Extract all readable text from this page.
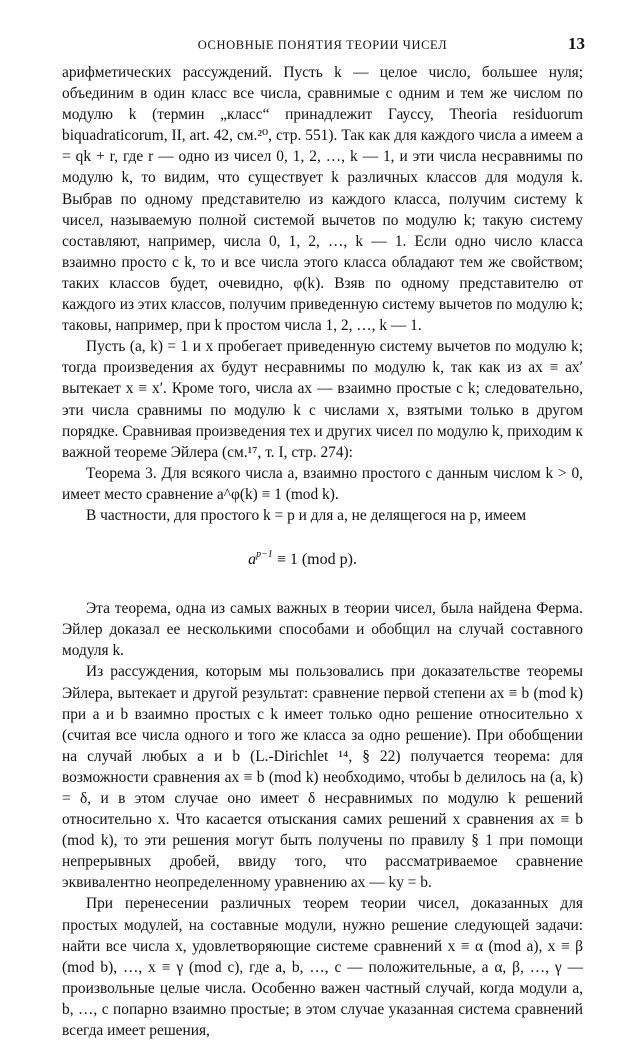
ОСНОВНЫЕ ПОНЯТИЯ ТЕОРИИ ЧИСЕЛ	13

арифметических рассуждений. Пусть k — целое число, большее нуля; объединим в один класс все числа, сравнимые с одним и тем же числом по модулю k (термин „класс“ принадлежит Гауссу, Theoria residuorum biquadraticorum, II, art. 42, см.²⁰, стр. 551). Так как для каждого числа a имеем a = qk + r, где r — одно из чисел 0, 1, 2, …, k — 1, и эти числа несравнимы по модулю k, то видим, что существует k различных классов для модуля k. Выбрав по одному представителю из каждого класса, получим систему k чисел, называемую полной системой вычетов по модулю k; такую систему составляют, например, числа 0, 1, 2, …, k — 1. Если одно число класса взаимно просто с k, то и все числа этого класса обладают тем же свойством; таких классов будет, очевидно, φ(k). Взяв по одному представителю от каждого из этих классов, получим приведенную систему вычетов по модулю k; таковы, например, при k простом числа 1, 2, …, k — 1.

Пусть (a, k) = 1 и x пробегает приведенную систему вычетов по модулю k; тогда произведения ax будут несравнимы по модулю k, так как из ax ≡ ax′ вытекает x ≡ x′. Кроме того, числа ax — взаимно простые с k; следовательно, эти числа сравнимы по модулю k с числами x, взятыми только в другом порядке. Сравнивая произведения тех и других чисел по модулю k, приходим к важной теореме Эйлера (см.¹⁷, т. I, стр. 274):

Теорема 3. Для всякого числа a, взаимно простого с данным числом k > 0, имеет место сравнение a^φ(k) ≡ 1 (mod k).

В частности, для простого k = p и для a, не делящегося на p, имеем

$a^{p-1} \equiv 1$ (mod p).

Эта теорема, одна из самых важных в теории чисел, была найдена Ферма. Эйлер доказал ее несколькими способами и обобщил на случай составного модуля k.

Из рассуждения, которым мы пользовались при доказательстве теоремы Эйлера, вытекает и другой результат: сравнение первой степени ax ≡ b (mod k) при a и b взаимно простых с k имеет только одно решение относительно x (считая все числа одного и того же класса за одно решение). При обобщении на случай любых a и b (L.-Dirichlet ¹⁴, § 22) получается теорема: для возможности сравнения ax ≡ b (mod k) необходимо, чтобы b делилось на (a, k) = δ, и в этом случае оно имеет δ несравнимых по модулю k решений относительно x. Что касается отыскания самих решений x сравнения ax ≡ b (mod k), то эти решения могут быть получены по правилу § 1 при помощи непрерывных дробей, ввиду того, что рассматриваемое сравнение эквивалентно неопределенному уравнению ax — ky = b.

При перенесении различных теорем теории чисел, доказанных для простых модулей, на составные модули, нужно решение следующей задачи: найти все числа x, удовлетворяющие системе сравнений x ≡ α (mod a), x ≡ β (mod b), …, x ≡ γ (mod c), где a, b, …, c — положительные, а α, β, …, γ — произвольные целые числа. Особенно важен частный случай, когда модули a, b, …, c попарно взаимно простые; в этом случае указанная система сравнений всегда имеет решения,
